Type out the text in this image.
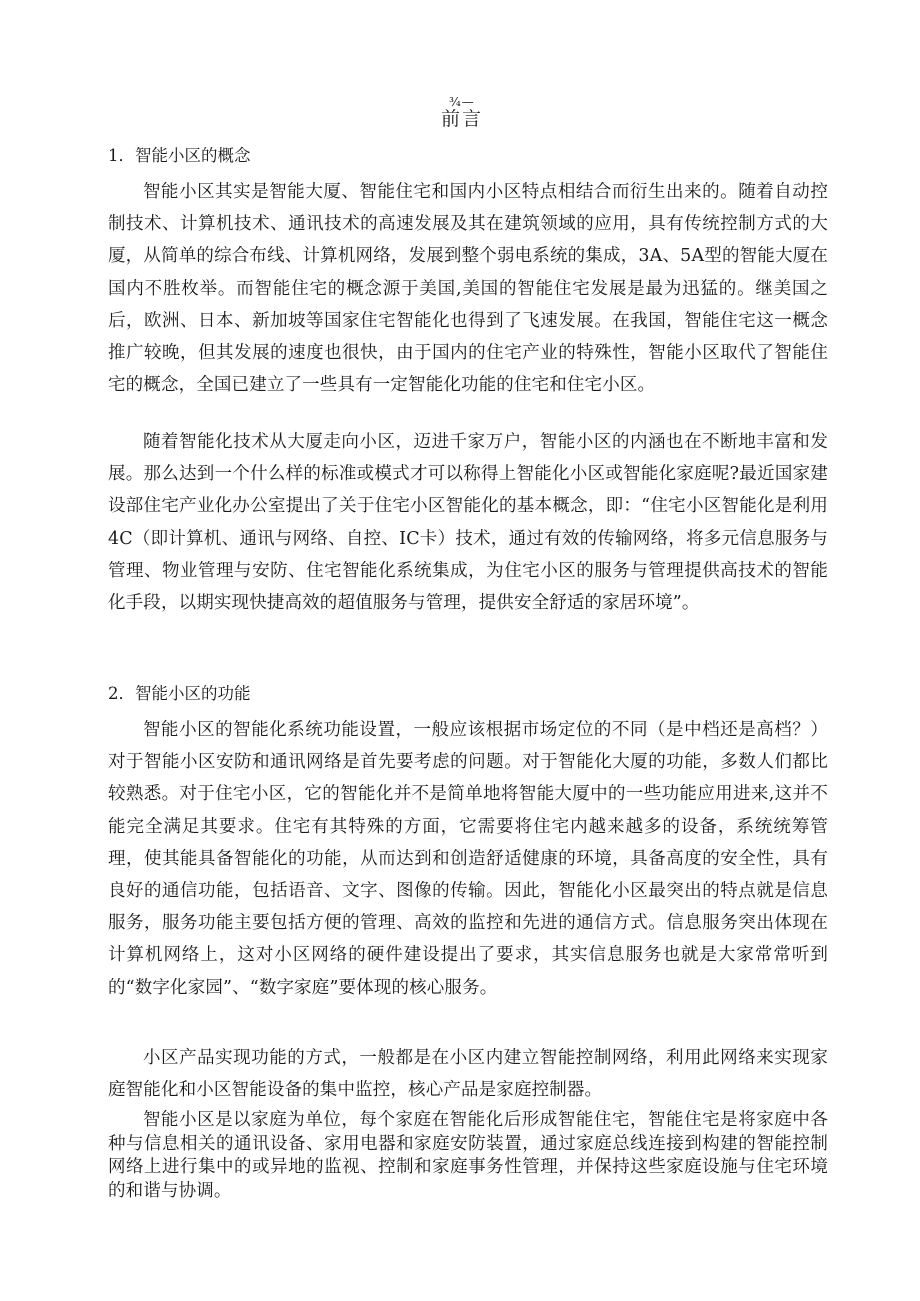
¾—
前言
1．智能小区的概念

智能小区其实是智能大厦、智能住宅和国内小区特点相结合而衍生出来的。随着自动控制技术、计算机技术、通讯技术的高速发展及其在建筑领域的应用，具有传统控制方式的大厦，从简单的综合布线、计算机网络，发展到整个弱电系统的集成，3A、5A型的智能大厦在国内不胜枚举。而智能住宅的概念源于美国,美国的智能住宅发展是最为迅猛的。继美国之后，欧洲、日本、新加坡等国家住宅智能化也得到了飞速发展。在我国，智能住宅这一概念推广较晚，但其发展的速度也很快，由于国内的住宅产业的特殊性，智能小区取代了智能住宅的概念，全国已建立了一些具有一定智能化功能的住宅和住宅小区。

随着智能化技术从大厦走向小区，迈进千家万户，智能小区的内涵也在不断地丰富和发展。那么达到一个什么样的标准或模式才可以称得上智能化小区或智能化家庭呢?最近国家建设部住宅产业化办公室提出了关于住宅小区智能化的基本概念，即：“住宅小区智能化是利用4C（即计算机、通讯与网络、自控、IC卡）技术，通过有效的传输网络，将多元信息服务与管理、物业管理与安防、住宅智能化系统集成，为住宅小区的服务与管理提供高技术的智能化手段，以期实现快捷高效的超值服务与管理，提供安全舒适的家居环境”。

2．智能小区的功能

智能小区的智能化系统功能设置，一般应该根据市场定位的不同（是中档还是高档？）对于智能小区安防和通讯网络是首先要考虑的问题。对于智能化大厦的功能，多数人们都比较熟悉。对于住宅小区，它的智能化并不是简单地将智能大厦中的一些功能应用进来,这并不能完全满足其要求。住宅有其特殊的方面，它需要将住宅内越来越多的设备，系统统筹管理，使其能具备智能化的功能，从而达到和创造舒适健康的环境，具备高度的安全性，具有良好的通信功能，包括语音、文字、图像的传输。因此，智能化小区最突出的特点就是信息服务，服务功能主要包括方便的管理、高效的监控和先进的通信方式。信息服务突出体现在计算机网络上，这对小区网络的硬件建设提出了要求，其实信息服务也就是大家常常听到的“数字化家园”、“数字家庭”要体现的核心服务。

小区产品实现功能的方式，一般都是在小区内建立智能控制网络，利用此网络来实现家庭智能化和小区智能设备的集中监控，核心产品是家庭控制器。

智能小区是以家庭为单位，每个家庭在智能化后形成智能住宅，智能住宅是将家庭中各种与信息相关的通讯设备、家用电器和家庭安防装置，通过家庭总线连接到构建的智能控制网络上进行集中的或异地的监视、控制和家庭事务性管理，并保持这些家庭设施与住宅环境的和谐与协调。
